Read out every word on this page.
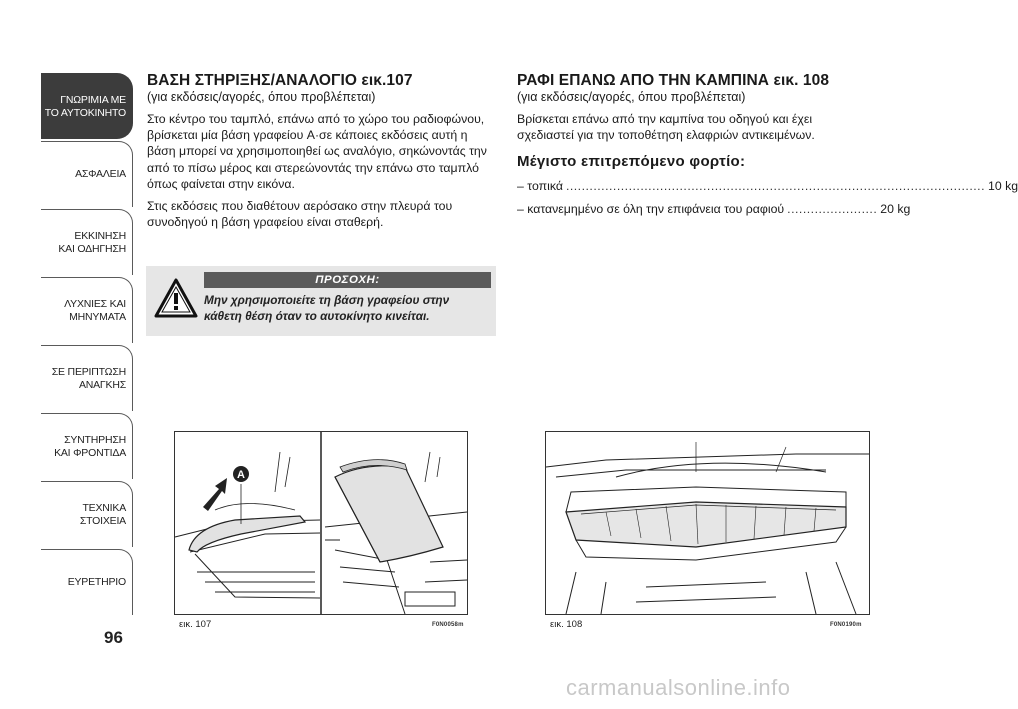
ΓΝΩΡΙΜΙΑ ΜΕ
ΤΟ ΑΥΤΟΚΙΝΗΤΟ
ΑΣΦΑΛΕΙΑ
ΕΚΚΙΝΗΣΗ
ΚΑΙ ΟΔΗΓΗΣΗ
ΛΥΧΝΙΕΣ ΚΑΙ
ΜΗΝΥΜΑΤΑ
ΣΕ ΠΕΡΙΠΤΩΣΗ
ΑΝΑΓΚΗΣ
ΣΥΝΤΗΡΗΣΗ
ΚΑΙ ΦΡΟΝΤΙΔΑ
ΤΕΧΝΙΚΑ
ΣΤΟΙΧΕΙΑ
ΕΥΡΕΤΗΡΙΟ
96
ΒΑΣΗ ΣΤΗΡΙΞΗΣ/ΑΝΑΛΟΓΙΟ εικ.107
(για εκδόσεις/αγορές, όπου προβλέπεται)

Στο κέντρο του ταμπλό, επάνω από το χώρο του ραδιοφώνου, βρίσκεται μία βάση γραφείου A·σε κάποιες εκδόσεις αυτή η βάση μπορεί να χρησιμοποιηθεί ως αναλόγιο, σηκώνοντάς την από το πίσω μέρος και στερεώνοντάς την επάνω στο ταμπλό όπως φαίνεται στην εικόνα.

Στις εκδόσεις που διαθέτουν αερόσακο στην πλευρά του συνοδηγού η βάση γραφείου είναι σταθερή.

ΠΡΟΣΟΧΗ:
Μην χρησιμοποιείτε τη βάση γραφείου στην κάθετη θέση όταν το αυτοκίνητο κινείται.
ΡΑΦΙ ΕΠΑΝΩ ΑΠΟ ΤΗΝ ΚΑΜΠΙΝΑ εικ. 108
(για εκδόσεις/αγορές, όπου προβλέπεται)

Βρίσκεται επάνω από την καμπίνα του οδηγού και έχει σχεδιαστεί για την τοποθέτηση ελαφριών αντικειμένων.

Μέγιστο επιτρεπόμενο φορτίο:
– τοπικά ........................................................................................................... 10 kg
– κατανεμημένο σε όλη την επιφάνεια του ραφιού ....................... 20 kg
A
εικ. 107	F0N0058m	εικ. 108	F0N0190m
carmanualsonline.info
